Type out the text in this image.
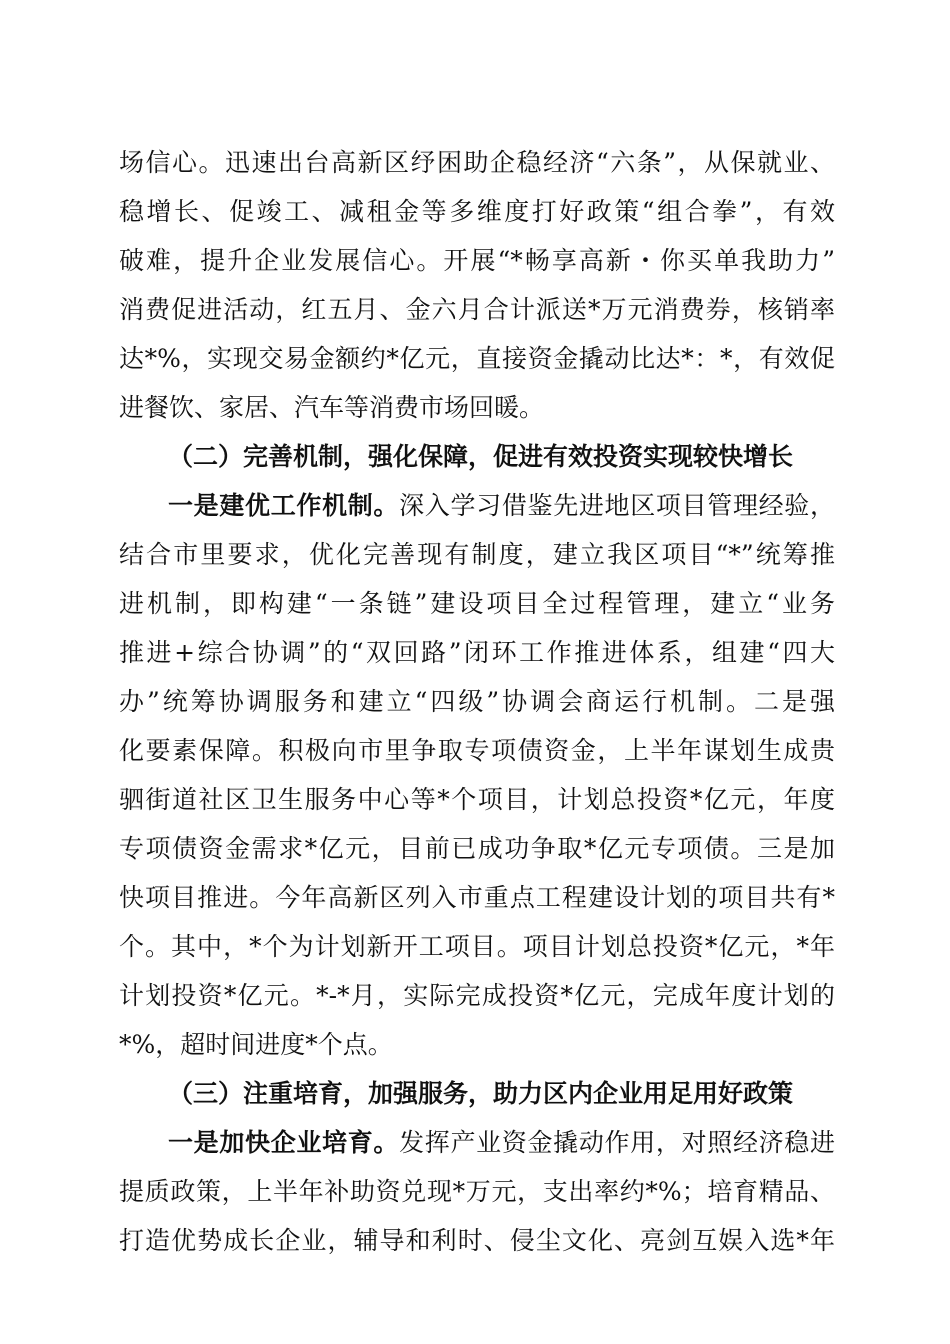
场信心。迅速出台高新区纾困助企稳经济“六条”，从保就业、
稳增长、促竣工、减租金等多维度打好政策“组合拳”，有效
破难，提升企业发展信心。开展“*畅享高新・你买单我助力”
消费促进活动，红五月、金六月合计派送*万元消费券，核销率
达*%，实现交易金额约*亿元，直接资金撬动比达*：*，有效促
进餐饮、家居、汽车等消费市场回暖。
（二）完善机制，强化保障，促进有效投资实现较快增长
一是建优工作机制。深入学习借鉴先进地区项目管理经验，
结合市里要求，优化完善现有制度，建立我区项目“*”统筹推
进机制，即构建“一条链”建设项目全过程管理，建立“业务
推进+综合协调”的“双回路”闭环工作推进体系，组建“四大
办”统筹协调服务和建立“四级”协调会商运行机制。二是强
化要素保障。积极向市里争取专项债资金，上半年谋划生成贵
驷街道社区卫生服务中心等*个项目，计划总投资*亿元，年度
专项债资金需求*亿元，目前已成功争取*亿元专项债。三是加
快项目推进。今年高新区列入市重点工程建设计划的项目共有*
个。其中，*个为计划新开工项目。项目计划总投资*亿元，*年
计划投资*亿元。*-*月，实际完成投资*亿元，完成年度计划的
*%，超时间进度*个点。
（三）注重培育，加强服务，助力区内企业用足用好政策
一是加快企业培育。发挥产业资金撬动作用，对照经济稳进
提质政策，上半年补助资兑现*万元，支出率约*%；培育精品、
打造优势成长企业，辅导和利时、侵尘文化、亮剑互娱入选*年
